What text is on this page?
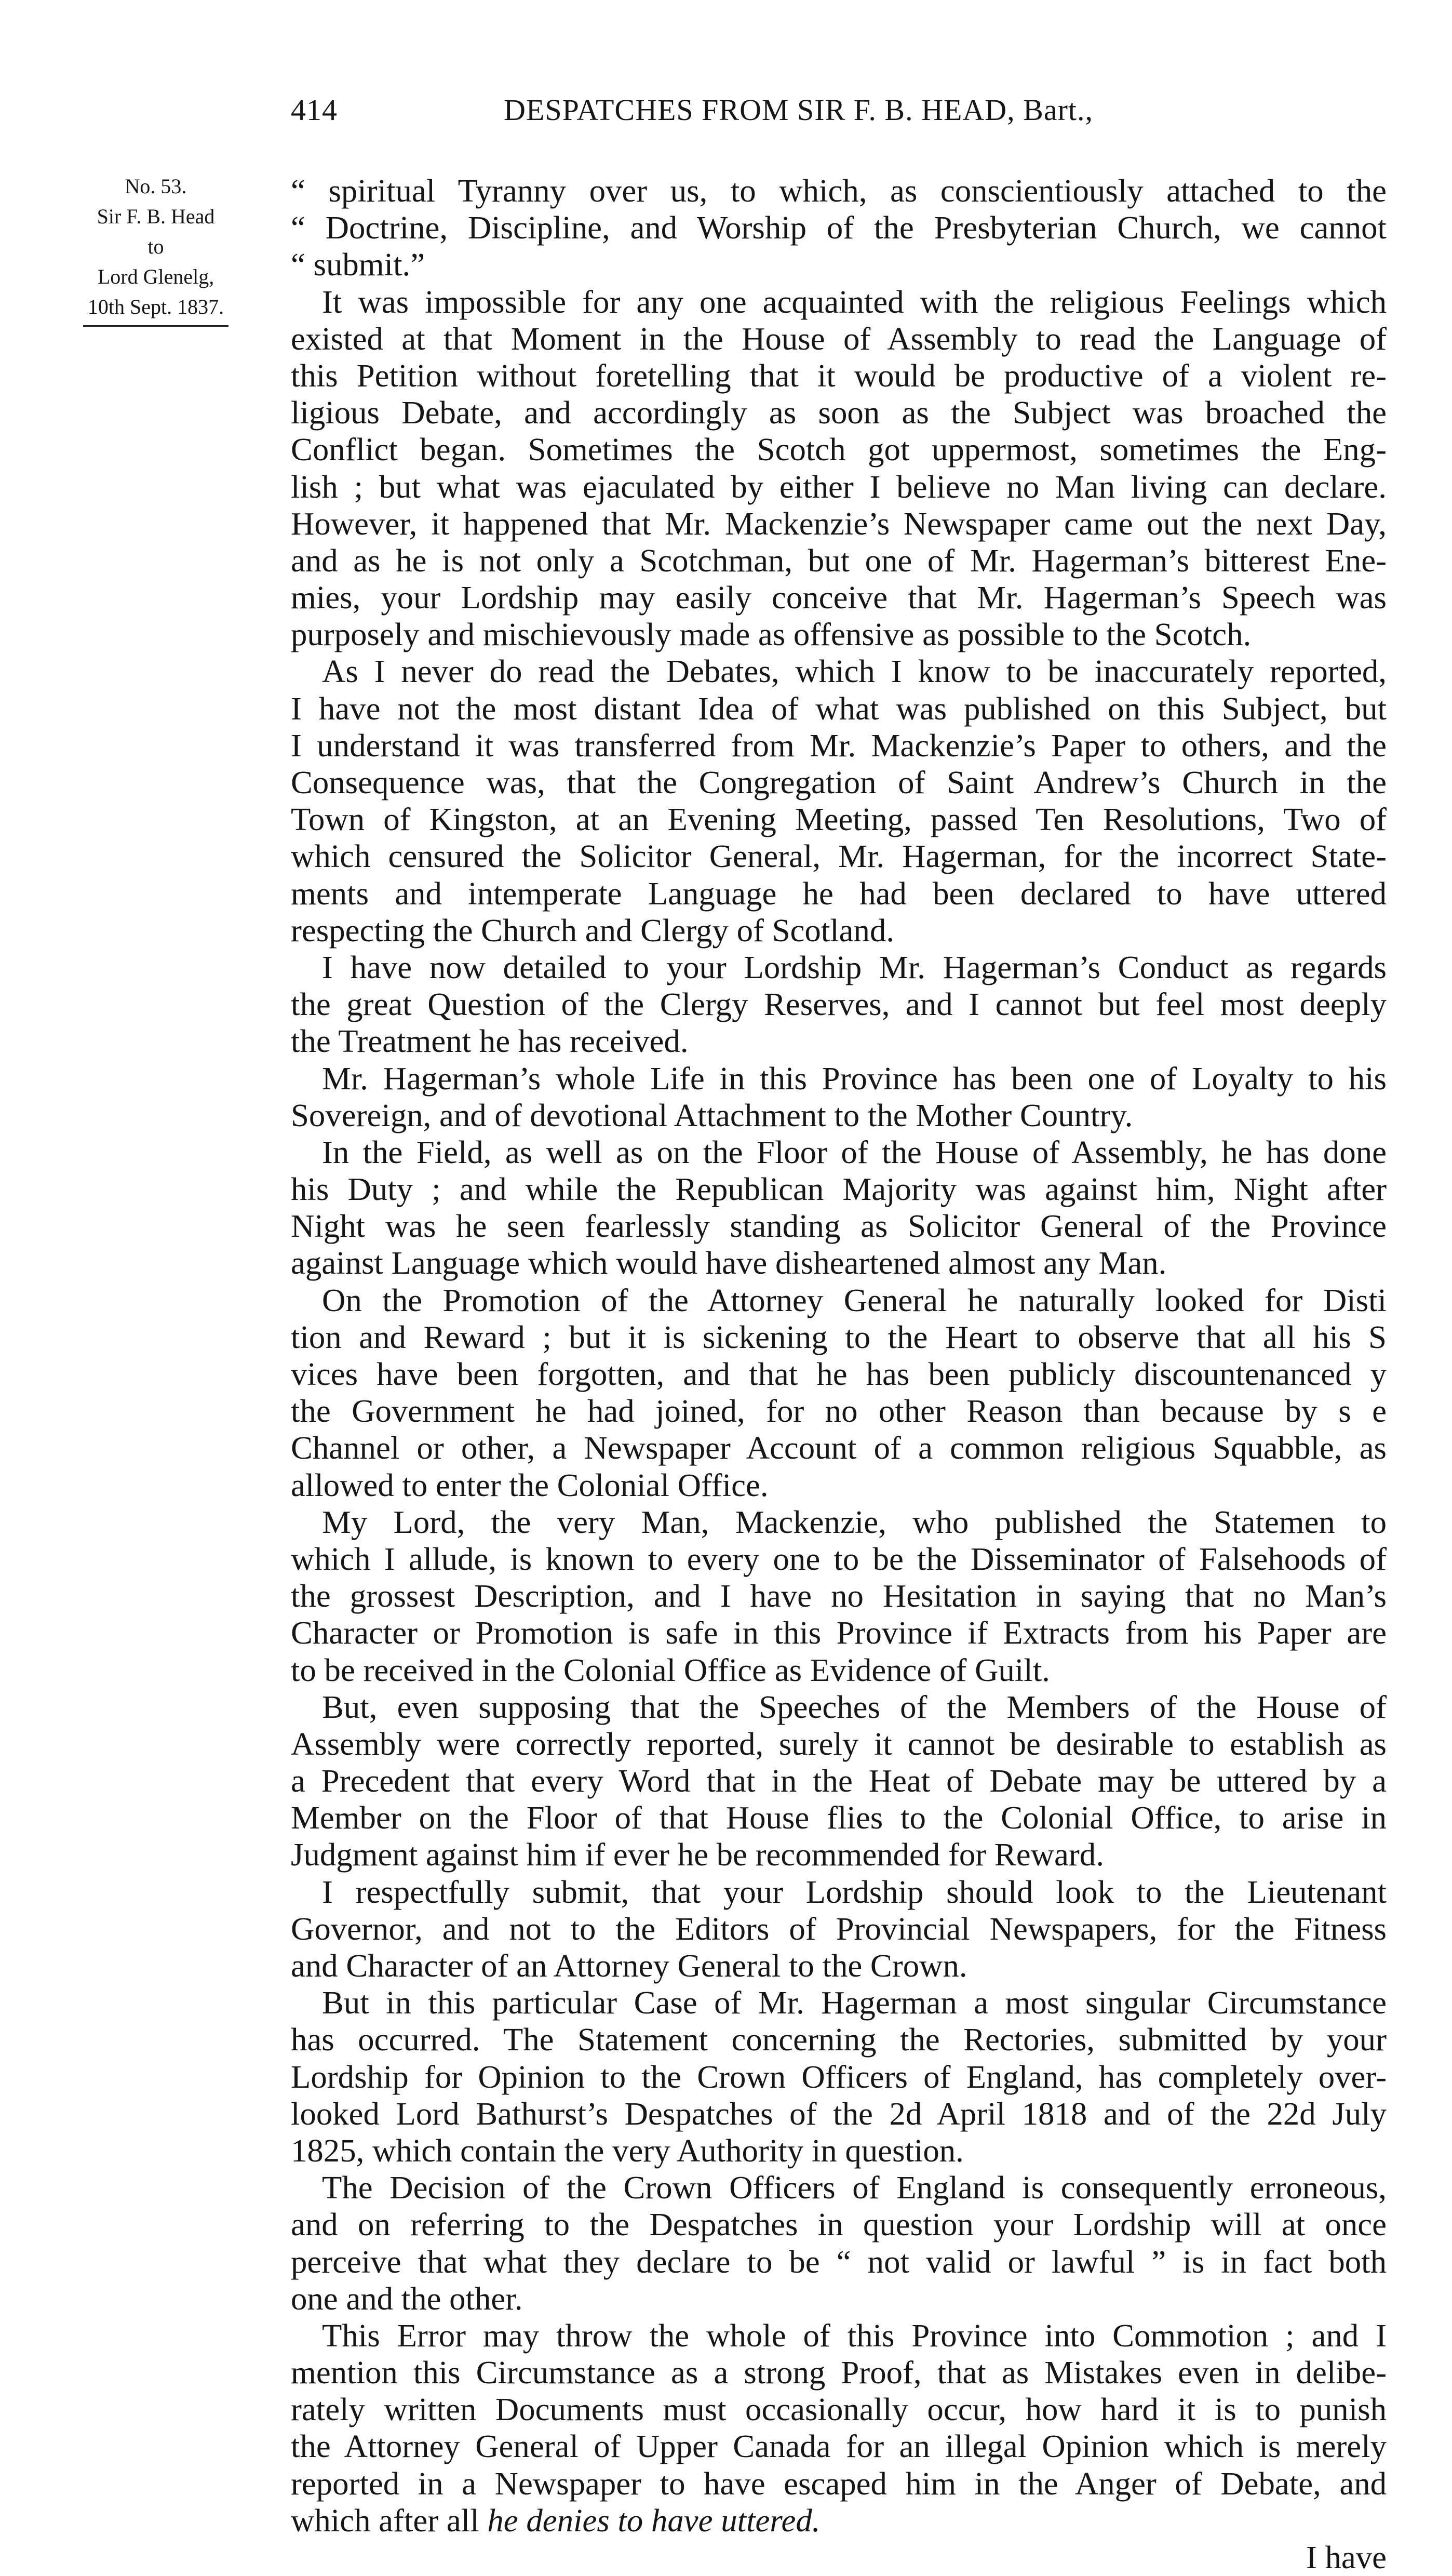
414	DESPATCHES FROM SIR F. B. HEAD, Bart.,
No. 53.
Sir F. B. Head
to
Lord Glenelg,
10th Sept. 1837.
“ spiritual Tyranny over us, to which, as conscientiously attached to the
“ Doctrine, Discipline, and Worship of the Presbyterian Church, we cannot
“ submit.”
It was impossible for any one acquainted with the religious Feelings which
existed at that Moment in the House of Assembly to read the Language of
this Petition without foretelling that it would be productive of a violent re-
ligious Debate, and accordingly as soon as the Subject was broached the
Conflict began. Sometimes the Scotch got uppermost, sometimes the Eng-
lish ; but what was ejaculated by either I believe no Man living can declare.
However, it happened that Mr. Mackenzie’s Newspaper came out the next Day,
and as he is not only a Scotchman, but one of Mr. Hagerman’s bitterest Ene-
mies, your Lordship may easily conceive that Mr. Hagerman’s Speech was
purposely and mischievously made as offensive as possible to the Scotch.
As I never do read the Debates, which I know to be inaccurately reported,
I have not the most distant Idea of what was published on this Subject, but
I understand it was transferred from Mr. Mackenzie’s Paper to others, and the
Consequence was, that the Congregation of Saint Andrew’s Church in the
Town of Kingston, at an Evening Meeting, passed Ten Resolutions, Two of
which censured the Solicitor General, Mr. Hagerman, for the incorrect State-
ments and intemperate Language he had been declared to have uttered
respecting the Church and Clergy of Scotland.
I have now detailed to your Lordship Mr. Hagerman’s Conduct as regards
the great Question of the Clergy Reserves, and I cannot but feel most deeply
the Treatment he has received.
Mr. Hagerman’s whole Life in this Province has been one of Loyalty to his
Sovereign, and of devotional Attachment to the Mother Country.
In the Field, as well as on the Floor of the House of Assembly, he has done
his Duty ; and while the Republican Majority was against him, Night after
Night was he seen fearlessly standing as Solicitor General of the Province
against Language which would have disheartened almost any Man.
On the Promotion of the Attorney General he naturally looked for Disti
tion and Reward ; but it is sickening to the Heart to observe that all his S
vices have been forgotten, and that he has been publicly discountenanced y
the Government he had joined, for no other Reason than because by s e
Channel or other, a Newspaper Account of a common religious Squabble, as
allowed to enter the Colonial Office.
My Lord, the very Man, Mackenzie, who published the Statemen to
which I allude, is known to every one to be the Disseminator of Falsehoods of
the grossest Description, and I have no Hesitation in saying that no Man’s
Character or Promotion is safe in this Province if Extracts from his Paper are
to be received in the Colonial Office as Evidence of Guilt.
But, even supposing that the Speeches of the Members of the House of
Assembly were correctly reported, surely it cannot be desirable to establish as
a Precedent that every Word that in the Heat of Debate may be uttered by a
Member on the Floor of that House flies to the Colonial Office, to arise in
Judgment against him if ever he be recommended for Reward.
I respectfully submit, that your Lordship should look to the Lieutenant
Governor, and not to the Editors of Provincial Newspapers, for the Fitness
and Character of an Attorney General to the Crown.
But in this particular Case of Mr. Hagerman a most singular Circumstance
has occurred. The Statement concerning the Rectories, submitted by your
Lordship for Opinion to the Crown Officers of England, has completely over-
looked Lord Bathurst’s Despatches of the 2d April 1818 and of the 22d July
1825, which contain the very Authority in question.
The Decision of the Crown Officers of England is consequently erroneous,
and on referring to the Despatches in question your Lordship will at once
perceive that what they declare to be “ not valid or lawful ” is in fact both
one and the other.
This Error may throw the whole of this Province into Commotion ; and I
mention this Circumstance as a strong Proof, that as Mistakes even in delibe-
rately written Documents must occasionally occur, how hard it is to punish
the Attorney General of Upper Canada for an illegal Opinion which is merely
reported in a Newspaper to have escaped him in the Anger of Debate, and
which after all he denies to have uttered.
I have
